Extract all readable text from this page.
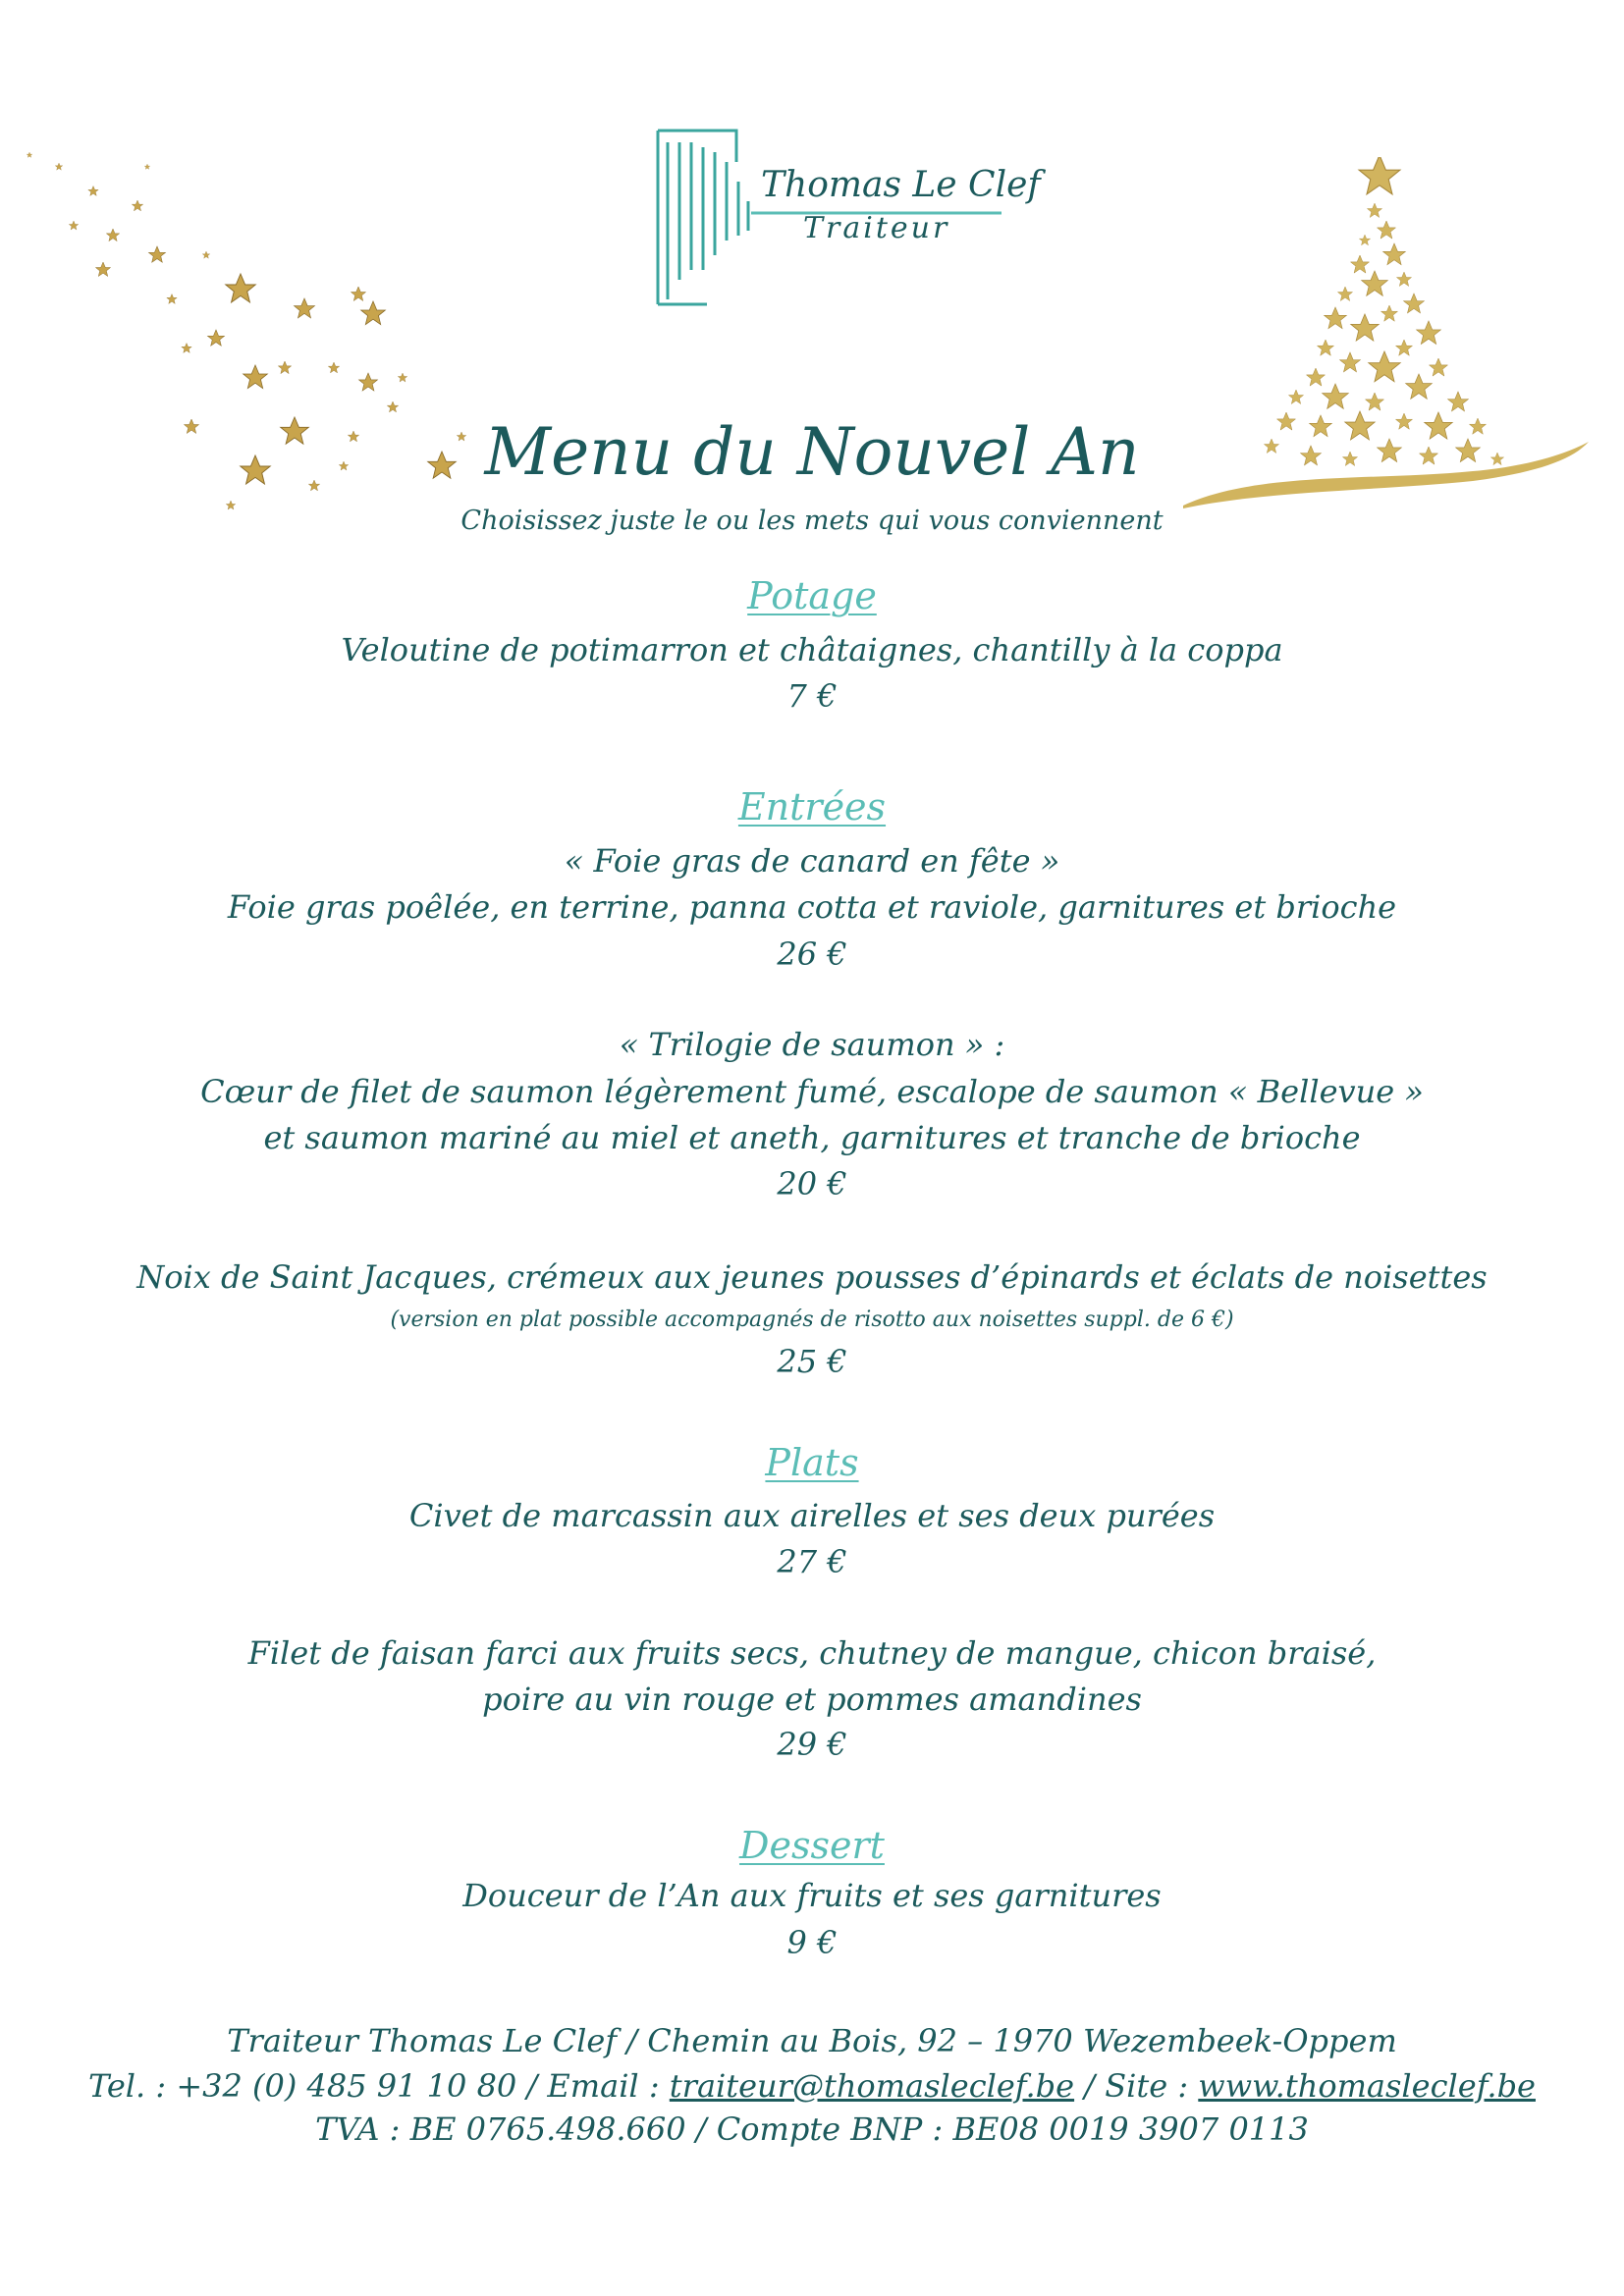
Thomas Le Clef
Traiteur
Menu du Nouvel An
Choisissez juste le ou les mets qui vous conviennent
Potage
Veloutine de potimarron et châtaignes, chantilly à la coppa
7 €
Entrées
« Foie gras de canard en fête »
Foie gras poêlée, en terrine, panna cotta et raviole, garnitures et brioche
26 €
« Trilogie de saumon » :
Cœur de filet de saumon légèrement fumé, escalope de saumon « Bellevue »
et saumon mariné au miel et aneth, garnitures et tranche de brioche
20 €
Noix de Saint Jacques, crémeux aux jeunes pousses d’épinards et éclats de noisettes
(version en plat possible accompagnés de risotto aux noisettes suppl. de 6 €)
25 €
Plats
Civet de marcassin aux airelles et ses deux purées
27 €
Filet de faisan farci aux fruits secs, chutney de mangue, chicon braisé,
poire au vin rouge et pommes amandines
29 €
Dessert
Douceur de l’An aux fruits et ses garnitures
9 €
Traiteur Thomas Le Clef / Chemin au Bois, 92 – 1970 Wezembeek-Oppem
Tel. : +32 (0) 485 91 10 80 / Email : traiteur@thomasleclef.be / Site : www.thomasleclef.be
TVA : BE 0765.498.660 / Compte BNP : BE08 0019 3907 0113
